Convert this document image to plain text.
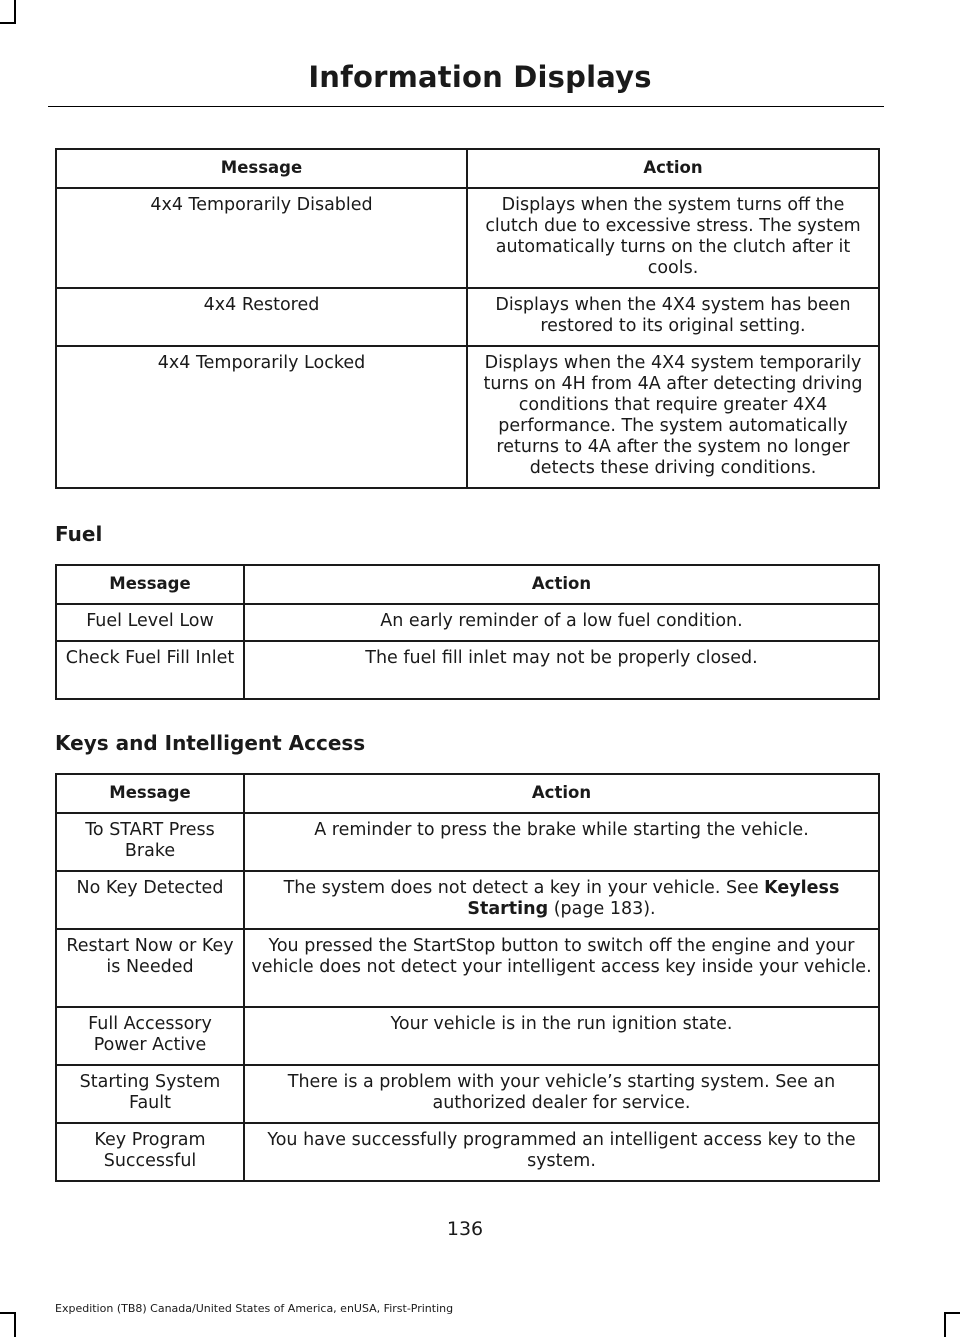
Information Displays
Message	Action
4x4 Temporarily Disabled	Displays when the system turns off the clutch due to excessive stress. The system automatically turns on the clutch after it cools.
4x4 Restored	Displays when the 4X4 system has been restored to its original setting.
4x4 Temporarily Locked	Displays when the 4X4 system temporarily turns on 4H from 4A after detecting driving conditions that require greater 4X4 performance. The system automatically returns to 4A after the system no longer detects these driving conditions.
Fuel
Message	Action
Fuel Level Low	An early reminder of a low fuel condition.
Check Fuel Fill Inlet	The fuel fill inlet may not be properly closed.
Keys and Intelligent Access
Message	Action
To START Press Brake	A reminder to press the brake while starting the vehicle.
No Key Detected	The system does not detect a key in your vehicle. See Keyless Starting (page 183).
Restart Now or Key is Needed	You pressed the StartStop button to switch off the engine and your vehicle does not detect your intelligent access key inside your vehicle.
Full Accessory Power Active	Your vehicle is in the run ignition state.
Starting System Fault	There is a problem with your vehicle’s starting system. See an authorized dealer for service.
Key Program Successful	You have successfully programmed an intelligent access key to the system.
136
Expedition (TB8) Canada/United States of America, enUSA, First-Printing
